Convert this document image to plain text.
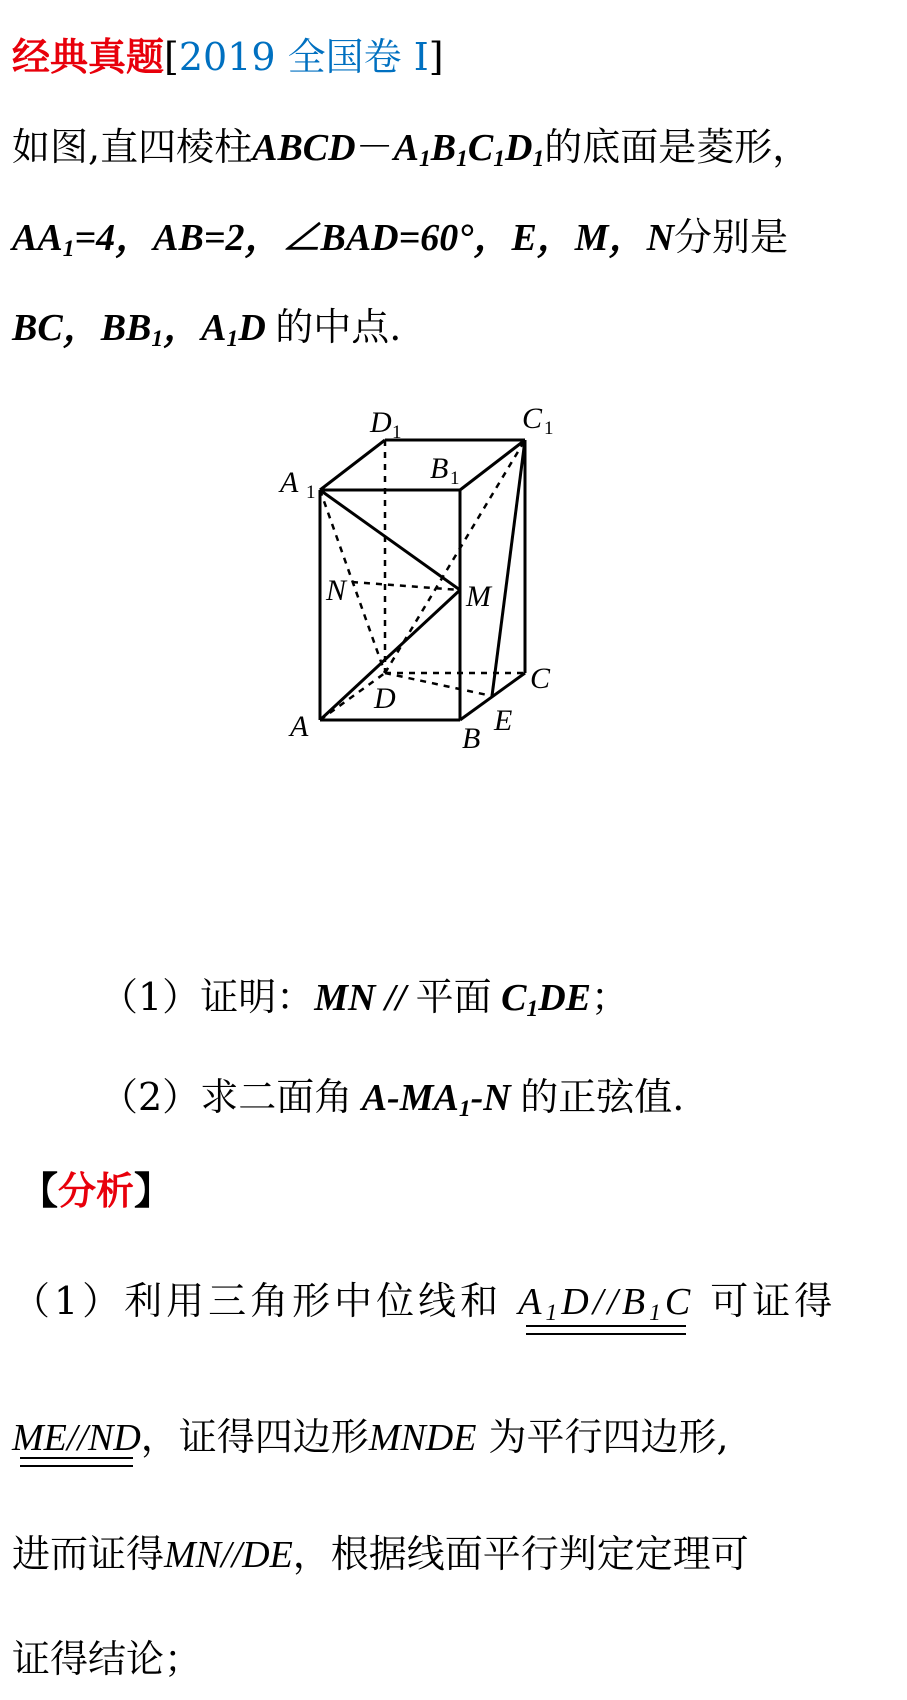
经典真题[2019 全国卷 Ⅰ]
如图,直四棱柱$ABCD-A_1B_1C_1D_1$的底面是菱形，
$AA_1=4$，AB=2，∠BAD=60°，E，M，N分别是
BC，$BB_1$，$A_1D$ 的中点.
D 1	C 1
B 1
A 1
N	M
C
D
A	B
E
（1）证明：MN // 平面 $C_1DE$；
（2）求二面角 $A-MA_1-N$ 的正弦值.
【分析】
（1）利用三角形中位线和 $A_1D//B_1C$ 可证得
ME//ND，证得四边形MNDE 为平行四边形,
进而证得MN//DE，根据线面平行判定定理可
证得结论；
